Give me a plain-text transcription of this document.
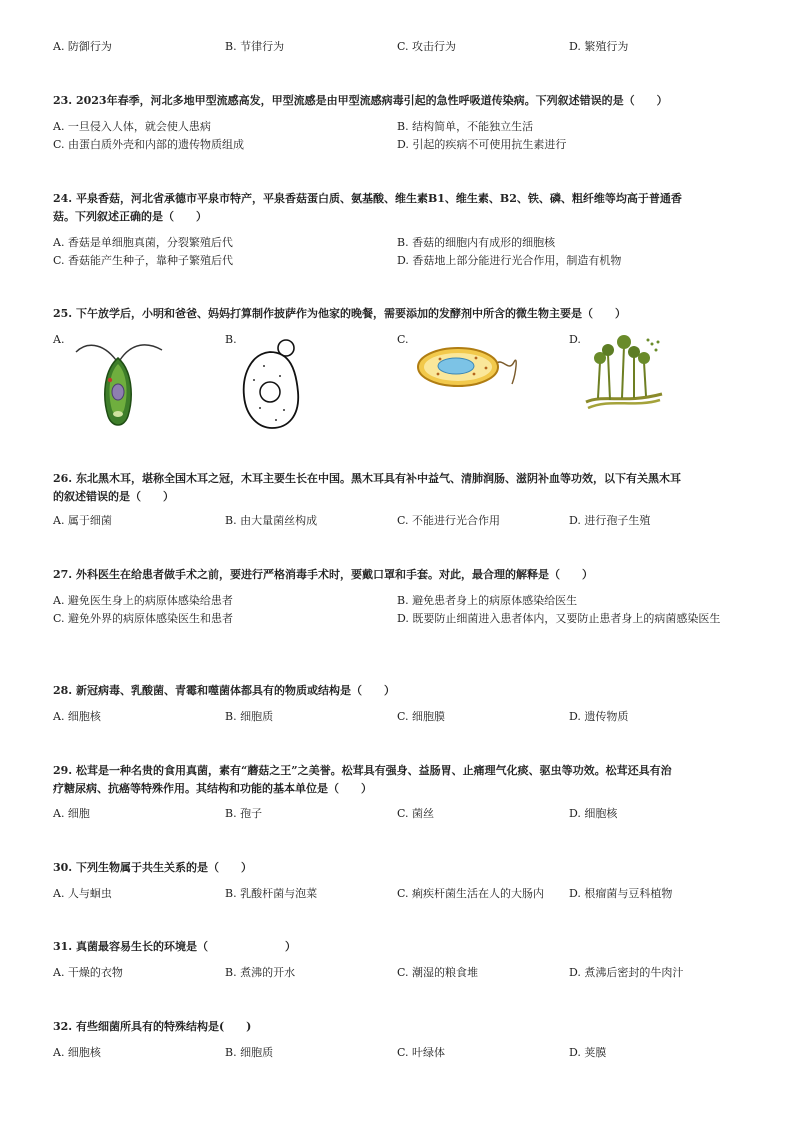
A. 防御行为	B. 节律行为	C. 攻击行为	D. 繁殖行为
23. 2023年春季，河北多地甲型流感高发，甲型流感是由甲型流感病毒引起的急性呼吸道传染病。下列叙述错误的是（　　）
A. 一旦侵入人体，就会使人患病	B. 结构简单，不能独立生活
C. 由蛋白质外壳和内部的遗传物质组成	D. 引起的疾病不可使用抗生素进行
24. 平泉香菇，河北省承德市平泉市特产，平泉香菇蛋白质、氨基酸、维生素B1、维生素、B2、铁、磷、粗纤维等均高于普通香
菇。下列叙述正确的是（　　）
A. 香菇是单细胞真菌，分裂繁殖后代	B. 香菇的细胞内有成形的细胞核
C. 香菇能产生种子，靠种子繁殖后代	D. 香菇地上部分能进行光合作用，制造有机物
25. 下午放学后，小明和爸爸、妈妈打算制作披萨作为他家的晚餐，需要添加的发酵剂中所含的微生物主要是（　　）
A.	B.	C.	D.
26. 东北黑木耳，堪称全国木耳之冠，木耳主要生长在中国。黑木耳具有补中益气、清肺润肠、滋阴补血等功效，以下有关黑木耳
的叙述错误的是（　　）
A. 属于细菌	B. 由大量菌丝构成	C. 不能进行光合作用	D. 进行孢子生殖
27. 外科医生在给患者做手术之前，要进行严格消毒手术时，要戴口罩和手套。对此，最合理的解释是（　　）
A. 避免医生身上的病原体感染给患者	B. 避免患者身上的病原体感染给医生
C. 避免外界的病原体感染医生和患者	D. 既要防止细菌进入患者体内，又要防止患者身上的病菌感染医生
28. 新冠病毒、乳酸菌、青霉和噬菌体都具有的物质或结构是（　　）
A. 细胞核	B. 细胞质	C. 细胞膜	D. 遗传物质
29. 松茸是一种名贵的食用真菌，素有“蘑菇之王”之美誉。松茸具有强身、益肠胃、止痛理气化痰、驱虫等功效。松茸还具有治
疗糖尿病、抗癌等特殊作用。其结构和功能的基本单位是（　　）
A. 细胞	B. 孢子	C. 菌丝	D. 细胞核
30. 下列生物属于共生关系的是（　　）
A. 人与蛔虫	B. 乳酸杆菌与泡菜	C. 痢疾杆菌生活在人的大肠内 D. 根瘤菌与豆科植物
31. 真菌最容易生长的环境是（　　　　　　　）
A. 干燥的衣物	B. 煮沸的开水	C. 潮湿的粮食堆	D. 煮沸后密封的牛肉汁
32. 有些细菌所具有的特殊结构是(　　)
A. 细胞核	B. 细胞质	C. 叶绿体	D. 荚膜
